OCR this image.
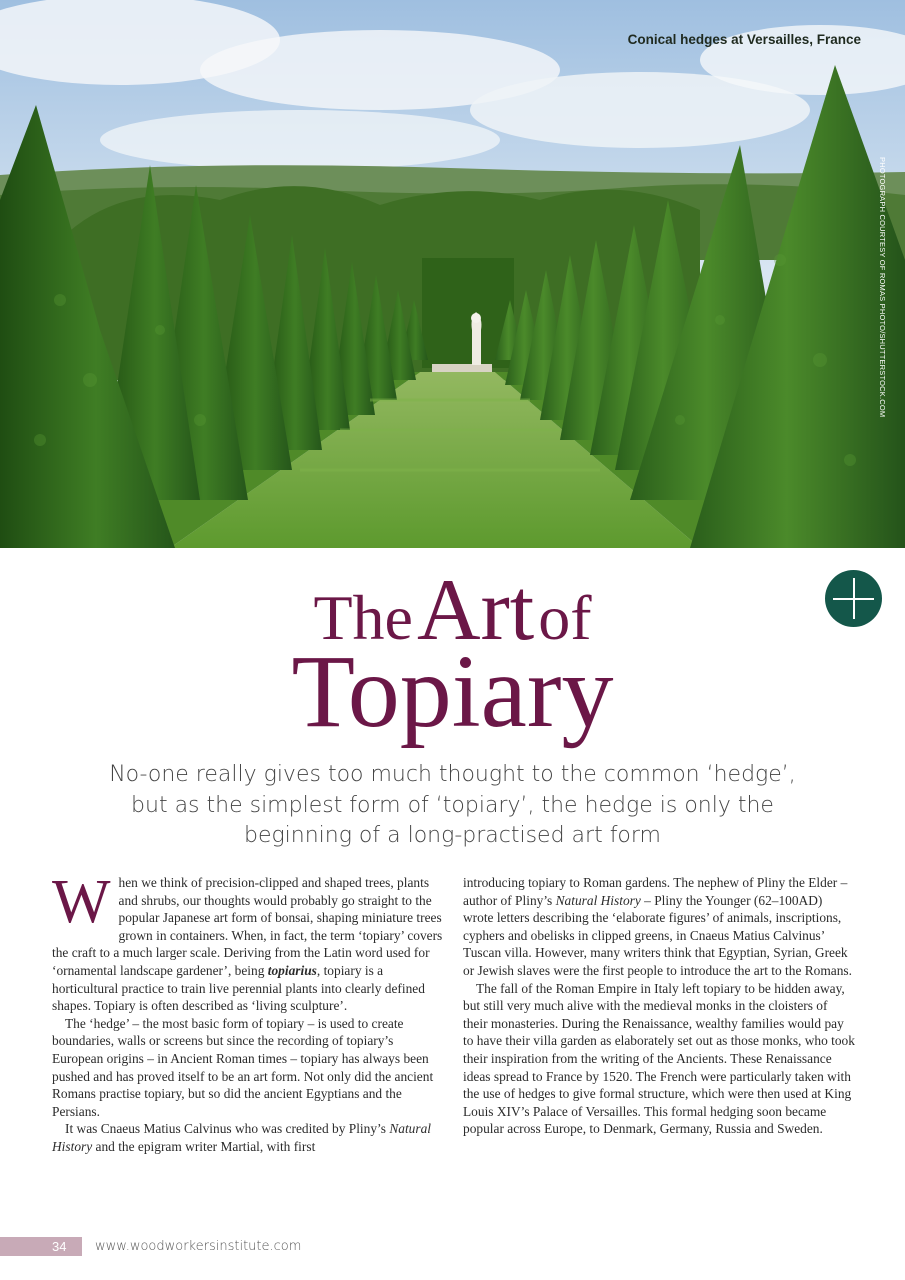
Conical hedges at Versailles, France
PHOTOGRAPH COURTESY OF ROMAS PHOTO/SHUTTERSTOCK.COM
The Art of
Topiary
No-one really gives too much thought to the common ‘hedge’, but as the simplest form of ‘topiary’, the hedge is only the beginning of a long-practised art form

When we think of precision-clipped and shaped trees, plants and shrubs, our thoughts would probably go straight to the popular Japanese art form of bonsai, shaping miniature trees grown in containers. When, in fact, the term ‘topiary’ covers the craft to a much larger scale. Deriving from the Latin word used for ‘ornamental landscape gardener’, being topiarius, topiary is a horticultural practice to train live perennial plants into clearly defined shapes. Topiary is often described as ‘living sculpture’.

The ‘hedge’ – the most basic form of topiary – is used to create boundaries, walls or screens but since the recording of topiary’s European origins – in Ancient Roman times – topiary has always been pushed and has proved itself to be an art form. Not only did the ancient Romans practise topiary, but so did the ancient Egyptians and the Persians.

It was Cnaeus Matius Calvinus who was credited by Pliny’s Natural History and the epigram writer Martial, with first

introducing topiary to Roman gardens. The nephew of Pliny the Elder – author of Pliny’s Natural History – Pliny the Younger (62–100AD) wrote letters describing the ‘elaborate figures’ of animals, inscriptions, cyphers and obelisks in clipped greens, in Cnaeus Matius Calvinus’ Tuscan villa. However, many writers think that Egyptian, Syrian, Greek or Jewish slaves were the first people to introduce the art to the Romans.

The fall of the Roman Empire in Italy left topiary to be hidden away, but still very much alive with the medieval monks in the cloisters of their monasteries. During the Renaissance, wealthy families would pay to have their villa garden as elaborately set out as those monks, who took their inspiration from the writing of the Ancients. These Renaissance ideas spread to France by 1520. The French were particularly taken with the use of hedges to give formal structure, which were then used at King Louis XIV’s Palace of Versailles. This formal hedging soon became popular across Europe, to Denmark, Germany, Russia and Sweden.

34	www.woodworkersinstitute.com
